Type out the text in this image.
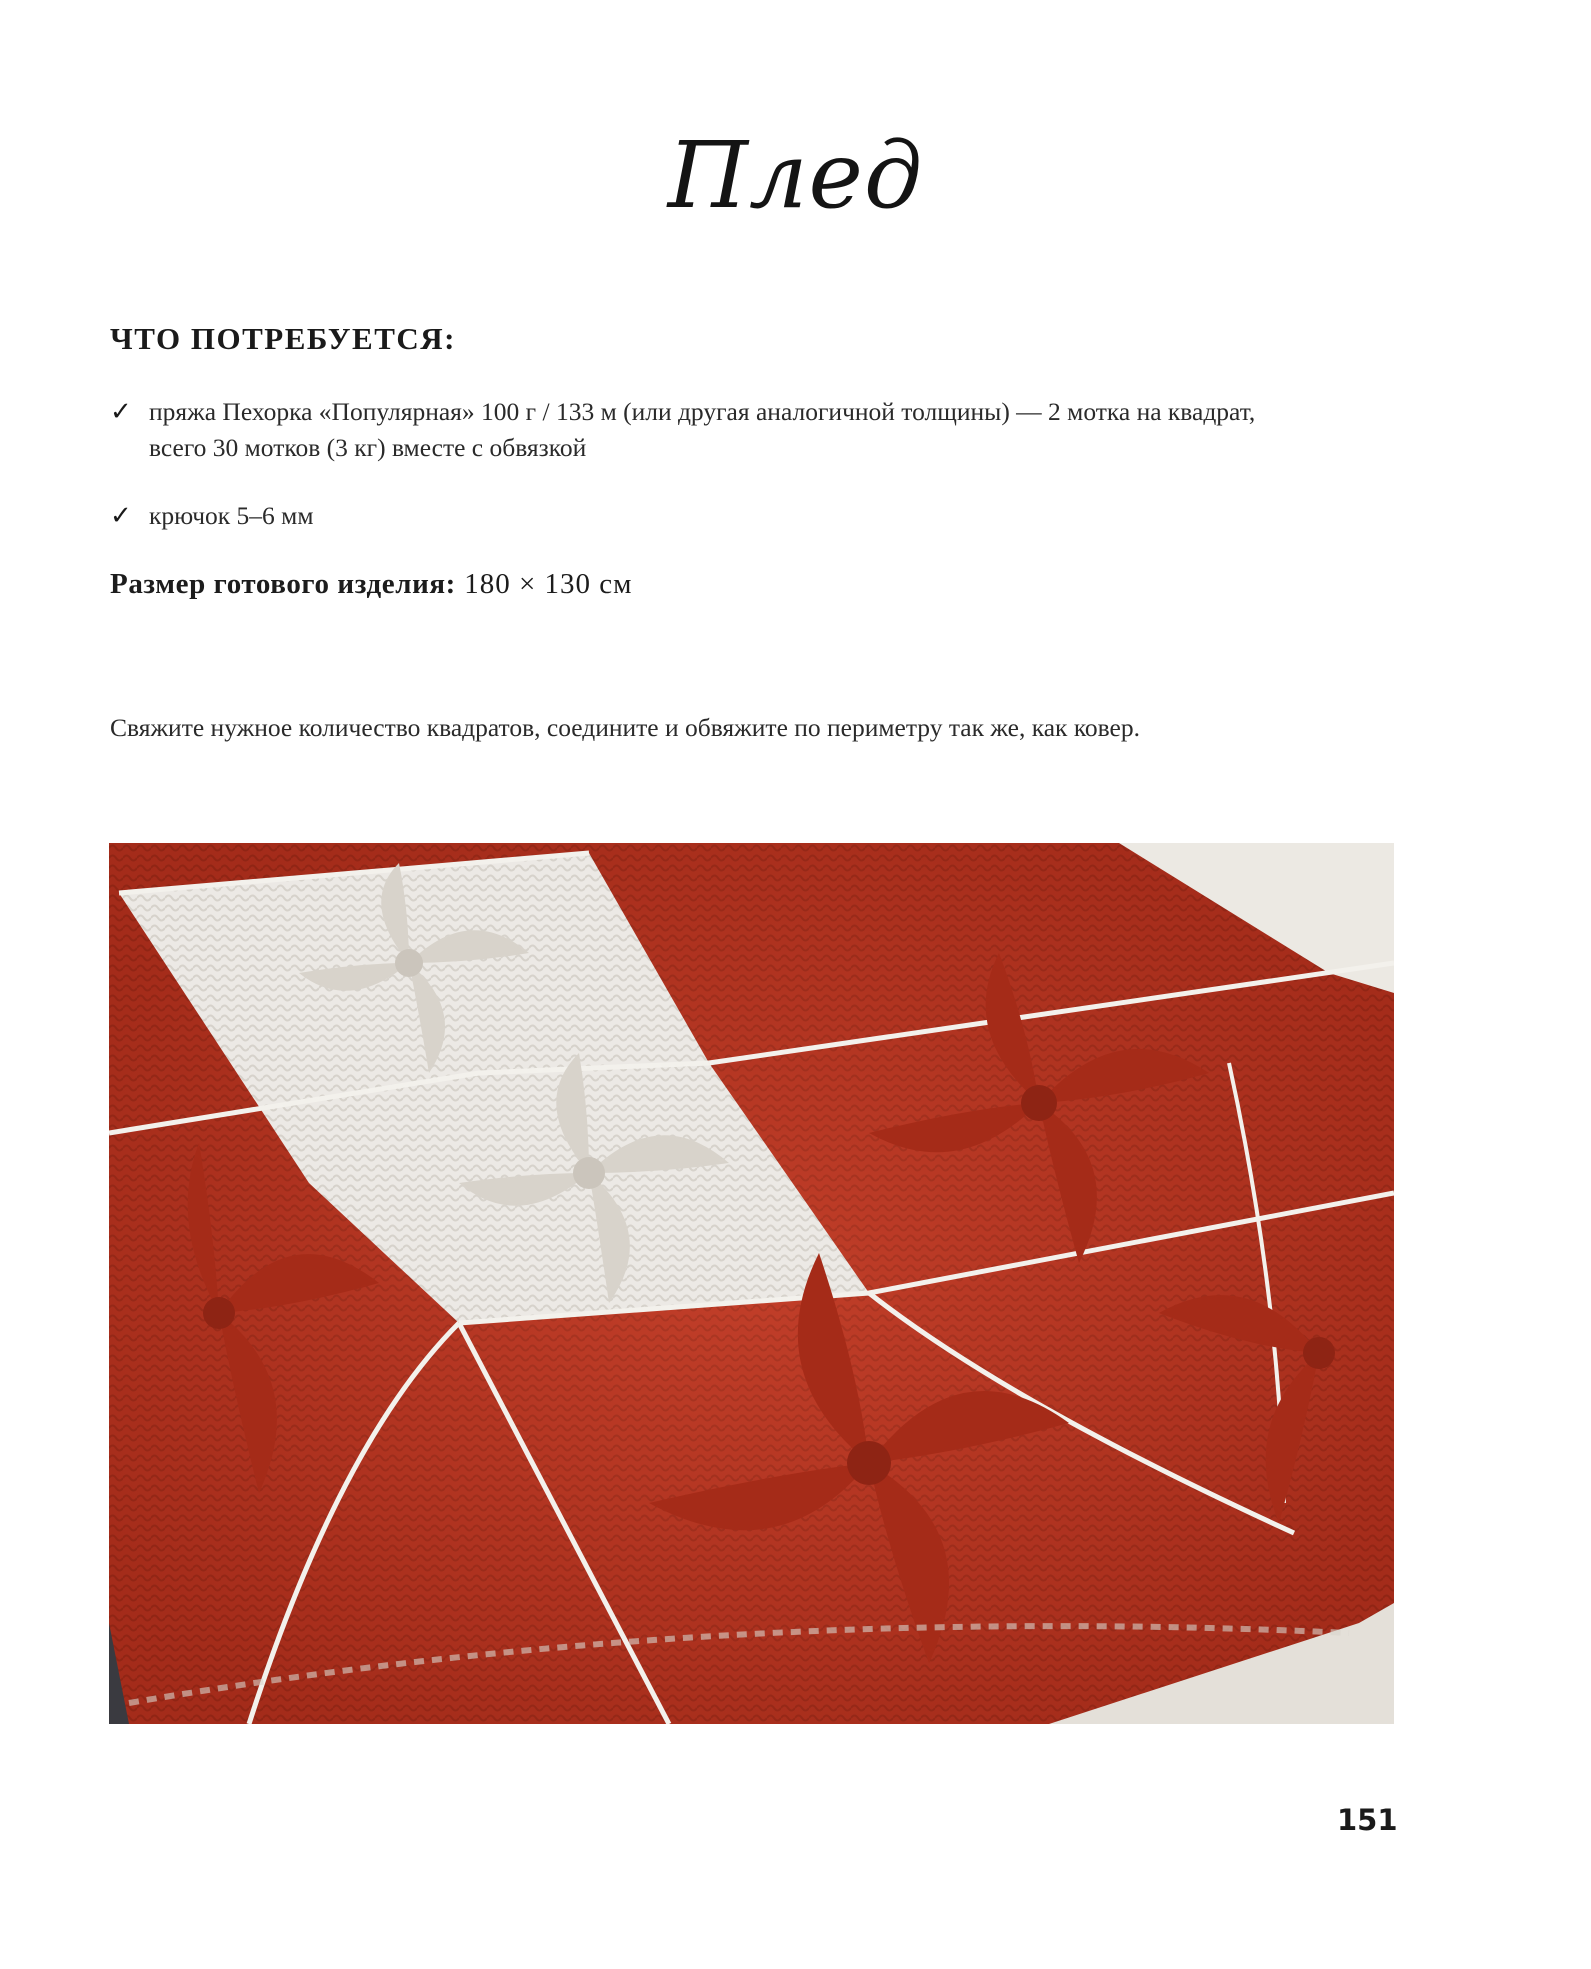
Плед
ЧТО ПОТРЕБУЕТСЯ:
✓ пряжа Пехорка «Популярная» 100 г / 133 м (или другая аналогичной толщины) — 2 мотка на квадрат,
всего 30 мотков (3 кг) вместе с обвязкой
✓ крючок 5–6 мм
Размер готового изделия: 180 × 130 см
Свяжите нужное количество квадратов, соедините и обвяжите по периметру так же, как ковер.
151
